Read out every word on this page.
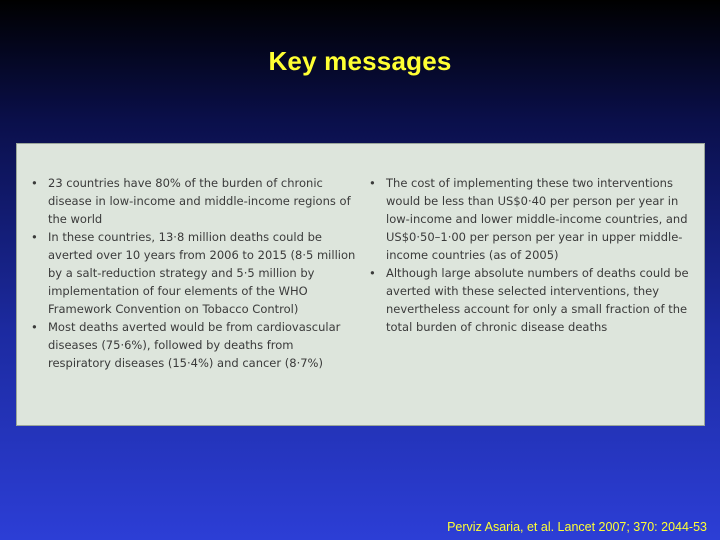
Key messages
• 23 countries have 80% of the burden of chronic disease in low-income and middle-income regions of the world
• In these countries, 13·8 million deaths could be averted over 10 years from 2006 to 2015 (8·5 million by a salt-reduction strategy and 5·5 million by implementation of four elements of the WHO Framework Convention on Tobacco Control)
• Most deaths averted would be from cardiovascular diseases (75·6%), followed by deaths from respiratory diseases (15·4%) and cancer (8·7%)
• The cost of implementing these two interventions would be less than US$0·40 per person per year in low-income and lower middle-income countries, and US$0·50–1·00 per person per year in upper middle-income countries (as of 2005)
• Although large absolute numbers of deaths could be averted with these selected interventions, they nevertheless account for only a small fraction of the total burden of chronic disease deaths
Perviz Asaria, et al. Lancet 2007; 370: 2044-53
